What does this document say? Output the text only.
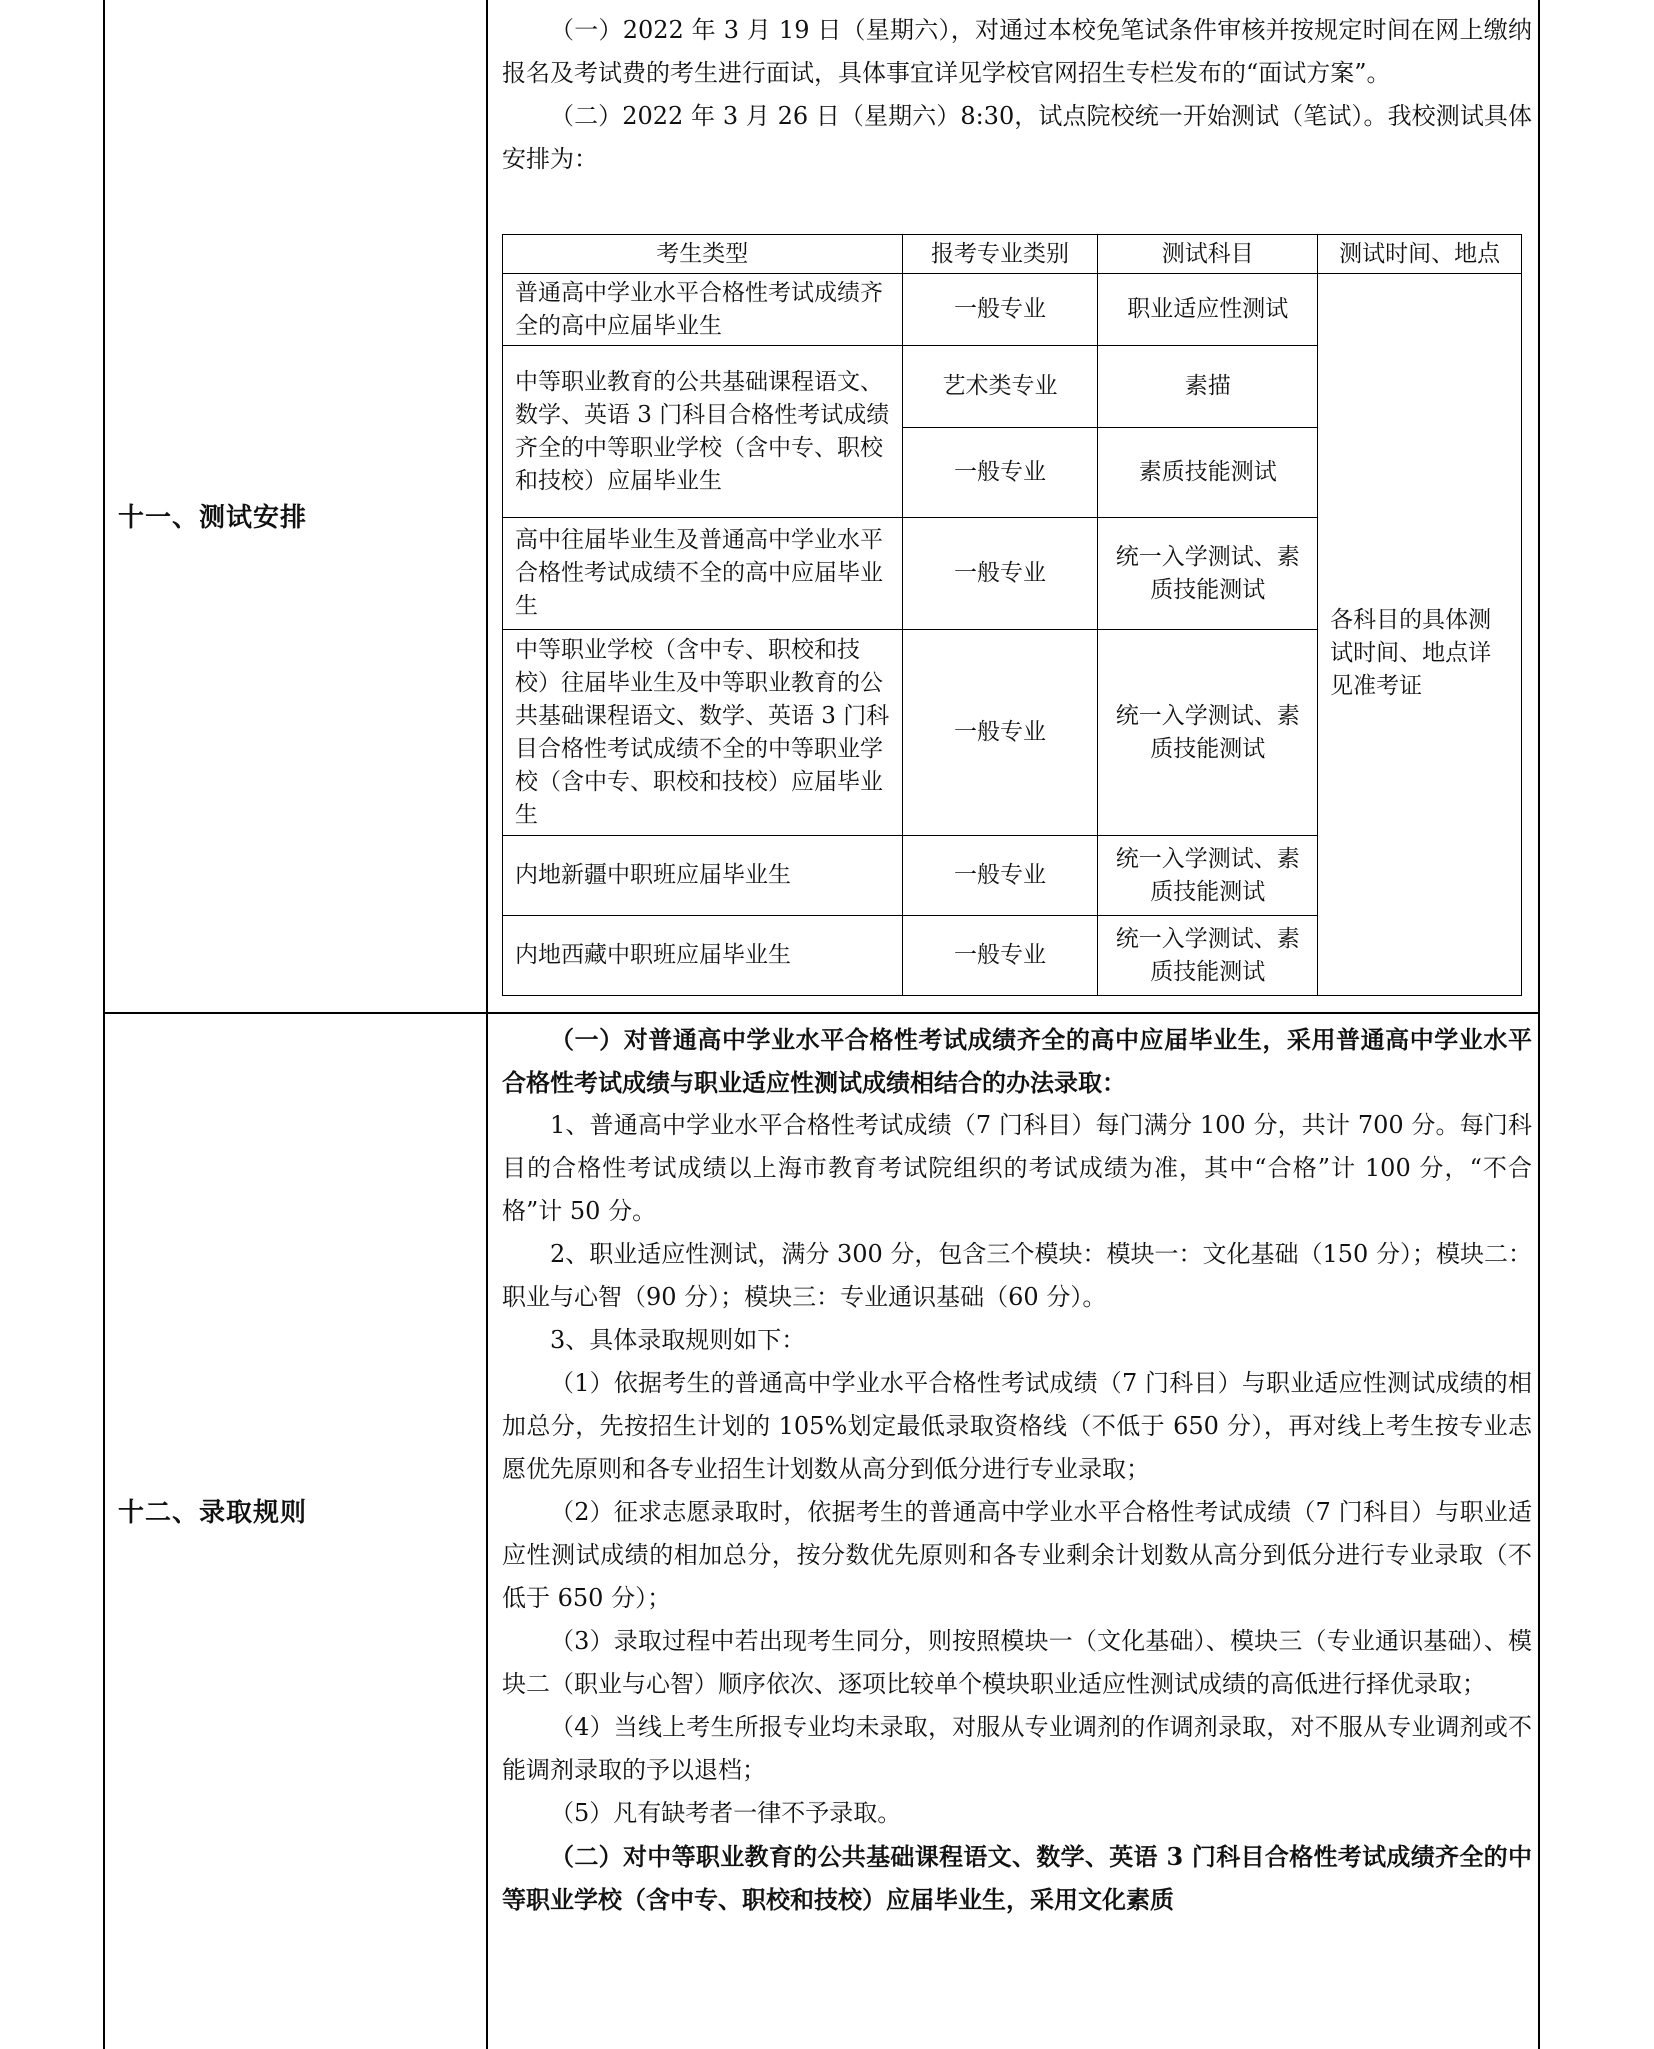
十一、测试安排

（一）2022 年 3 月 19 日（星期六），对通过本校免笔试条件审核并按规定时间在网上缴纳报名及考试费的考生进行面试，具体事宜详见学校官网招生专栏发布的“面试方案”。

（二）2022 年 3 月 26 日（星期六）8:30，试点院校统一开始测试（笔试）。我校测试具体安排为：

考生类型	报考专业类别	测试科目	测试时间、地点
普通高中学业水平合格性考试成绩齐全的高中应届毕业生	一般专业	职业适应性测试	各科目的具体测试时间、地点详见准考证
中等职业教育的公共基础课程语文、数学、英语 3 门科目合格性考试成绩齐全的中等职业学校（含中专、职校和技校）应届毕业生	艺术类专业	素描	
	一般专业	素质技能测试	
高中往届毕业生及普通高中学业水平合格性考试成绩不全的高中应届毕业生	一般专业	统一入学测试、素质技能测试	
中等职业学校（含中专、职校和技校）往届毕业生及中等职业教育的公共基础课程语文、数学、英语 3 门科目合格性考试成绩不全的中等职业学校（含中专、职校和技校）应届毕业生	一般专业	统一入学测试、素质技能测试	
内地新疆中职班应届毕业生	一般专业	统一入学测试、素质技能测试	
内地西藏中职班应届毕业生	一般专业	统一入学测试、素质技能测试	
十二、录取规则

（一）对普通高中学业水平合格性考试成绩齐全的高中应届毕业生，采用普通高中学业水平合格性考试成绩与职业适应性测试成绩相结合的办法录取：

1、普通高中学业水平合格性考试成绩（7 门科目）每门满分 100 分，共计 700 分。每门科目的合格性考试成绩以上海市教育考试院组织的考试成绩为准，其中“合格”计 100 分，“不合格”计 50 分。

2、职业适应性测试，满分 300 分，包含三个模块：模块一：文化基础（150 分）；模块二：职业与心智（90 分）；模块三：专业通识基础（60 分）。

3、具体录取规则如下：

（1）依据考生的普通高中学业水平合格性考试成绩（7 门科目）与职业适应性测试成绩的相加总分，先按招生计划的 105%划定最低录取资格线（不低于 650 分），再对线上考生按专业志愿优先原则和各专业招生计划数从高分到低分进行专业录取；

（2）征求志愿录取时，依据考生的普通高中学业水平合格性考试成绩（7 门科目）与职业适应性测试成绩的相加总分，按分数优先原则和各专业剩余计划数从高分到低分进行专业录取（不低于 650 分）；

（3）录取过程中若出现考生同分，则按照模块一（文化基础）、模块三（专业通识基础）、模块二（职业与心智）顺序依次、逐项比较单个模块职业适应性测试成绩的高低进行择优录取；

（4）当线上考生所报专业均未录取，对服从专业调剂的作调剂录取，对不服从专业调剂或不能调剂录取的予以退档；

（5）凡有缺考者一律不予录取。

（二）对中等职业教育的公共基础课程语文、数学、英语 3 门科目合格性考试成绩齐全的中等职业学校（含中专、职校和技校）应届毕业生，采用文化素质
